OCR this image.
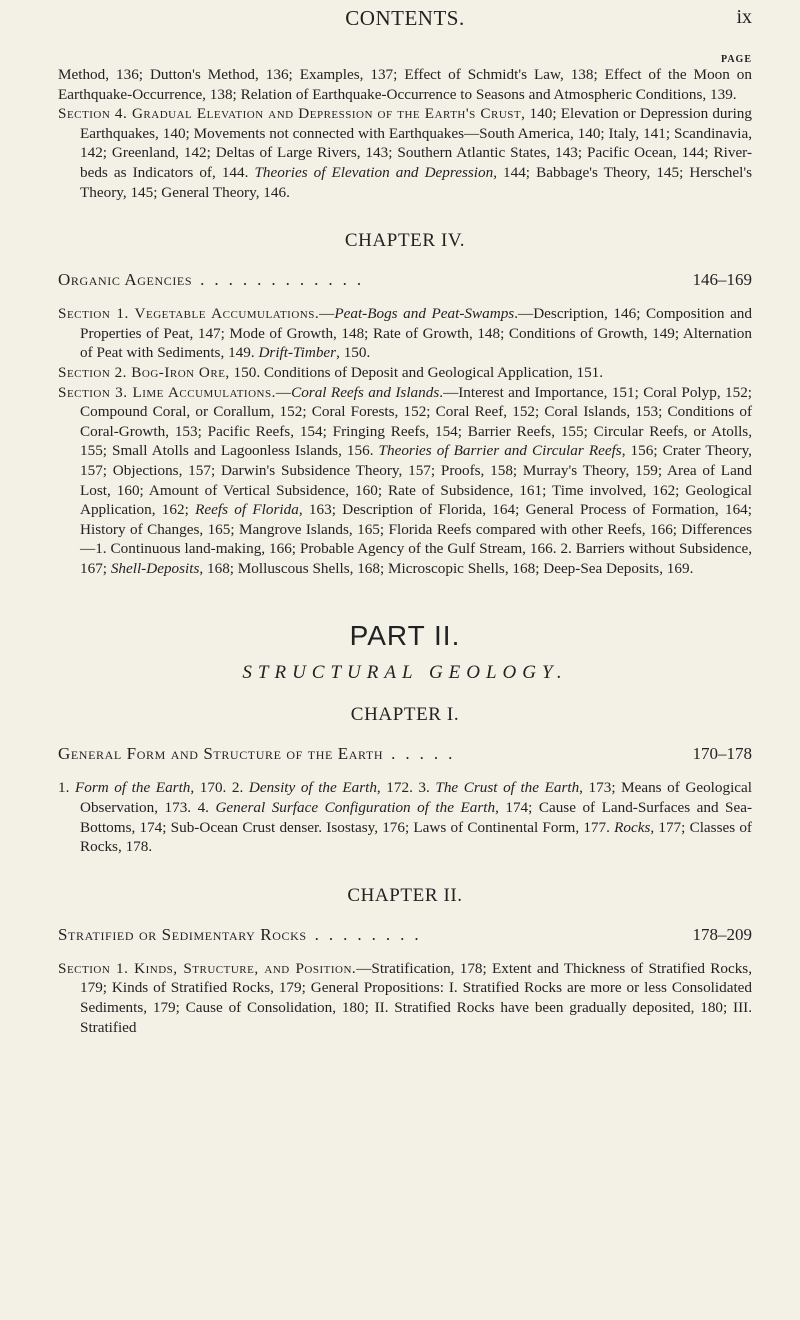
CONTENTS.	ix
PAGE

Method, 136; Dutton's Method, 136; Examples, 137; Effect of Schmidt's Law, 138; Effect of the Moon on Earthquake-Occurrence, 138; Relation of Earthquake-Occurrence to Seasons and Atmospheric Conditions, 139.

Section 4. Gradual Elevation and Depression of the Earth's Crust, 140; Elevation or Depression during Earthquakes, 140; Movements not connected with Earthquakes—South America, 140; Italy, 141; Scandinavia, 142; Greenland, 142; Deltas of Large Rivers, 143; Southern Atlantic States, 143; Pacific Ocean, 144; River-beds as Indicators of, 144. Theories of Elevation and Depression, 144; Babbage's Theory, 145; Herschel's Theory, 145; General Theory, 146.

CHAPTER IV.
Organic Agencies ............	146–169

Section 1. Vegetable Accumulations.—Peat-Bogs and Peat-Swamps.—Description, 146; Composition and Properties of Peat, 147; Mode of Growth, 148; Rate of Growth, 148; Conditions of Growth, 149; Alternation of Peat with Sediments, 149. Drift-Timber, 150.

Section 2. Bog-Iron Ore, 150. Conditions of Deposit and Geological Application, 151.

Section 3. Lime Accumulations.—Coral Reefs and Islands.—Interest and Importance, 151; Coral Polyp, 152; Compound Coral, or Corallum, 152; Coral Forests, 152; Coral Reef, 152; Coral Islands, 153; Conditions of Coral-Growth, 153; Pacific Reefs, 154; Fringing Reefs, 154; Barrier Reefs, 155; Circular Reefs, or Atolls, 155; Small Atolls and Lagoonless Islands, 156. Theories of Barrier and Circular Reefs, 156; Crater Theory, 157; Objections, 157; Darwin's Subsidence Theory, 157; Proofs, 158; Murray's Theory, 159; Area of Land Lost, 160; Amount of Vertical Subsidence, 160; Rate of Subsidence, 161; Time involved, 162; Geological Application, 162; Reefs of Florida, 163; Description of Florida, 164; General Process of Formation, 164; History of Changes, 165; Mangrove Islands, 165; Florida Reefs compared with other Reefs, 166; Differences—1. Continuous land-making, 166; Probable Agency of the Gulf Stream, 166. 2. Barriers without Subsidence, 167; Shell-Deposits, 168; Molluscous Shells, 168; Microscopic Shells, 168; Deep-Sea Deposits, 169.

PART II.
STRUCTURAL GEOLOGY.
CHAPTER I.
General Form and Structure of the Earth .....	170–178

1. Form of the Earth, 170. 2. Density of the Earth, 172. 3. The Crust of the Earth, 173; Means of Geological Observation, 173. 4. General Surface Configuration of the Earth, 174; Cause of Land-Surfaces and Sea-Bottoms, 174; Sub-Ocean Crust denser. Isostasy, 176; Laws of Continental Form, 177. Rocks, 177; Classes of Rocks, 178.

CHAPTER II.
Stratified or Sedimentary Rocks ........	178–209

Section 1. Kinds, Structure, and Position.—Stratification, 178; Extent and Thickness of Stratified Rocks, 179; Kinds of Stratified Rocks, 179; General Propositions: I. Stratified Rocks are more or less Consolidated Sediments, 179; Cause of Consolidation, 180; II. Stratified Rocks have been gradually deposited, 180; III. Stratified
